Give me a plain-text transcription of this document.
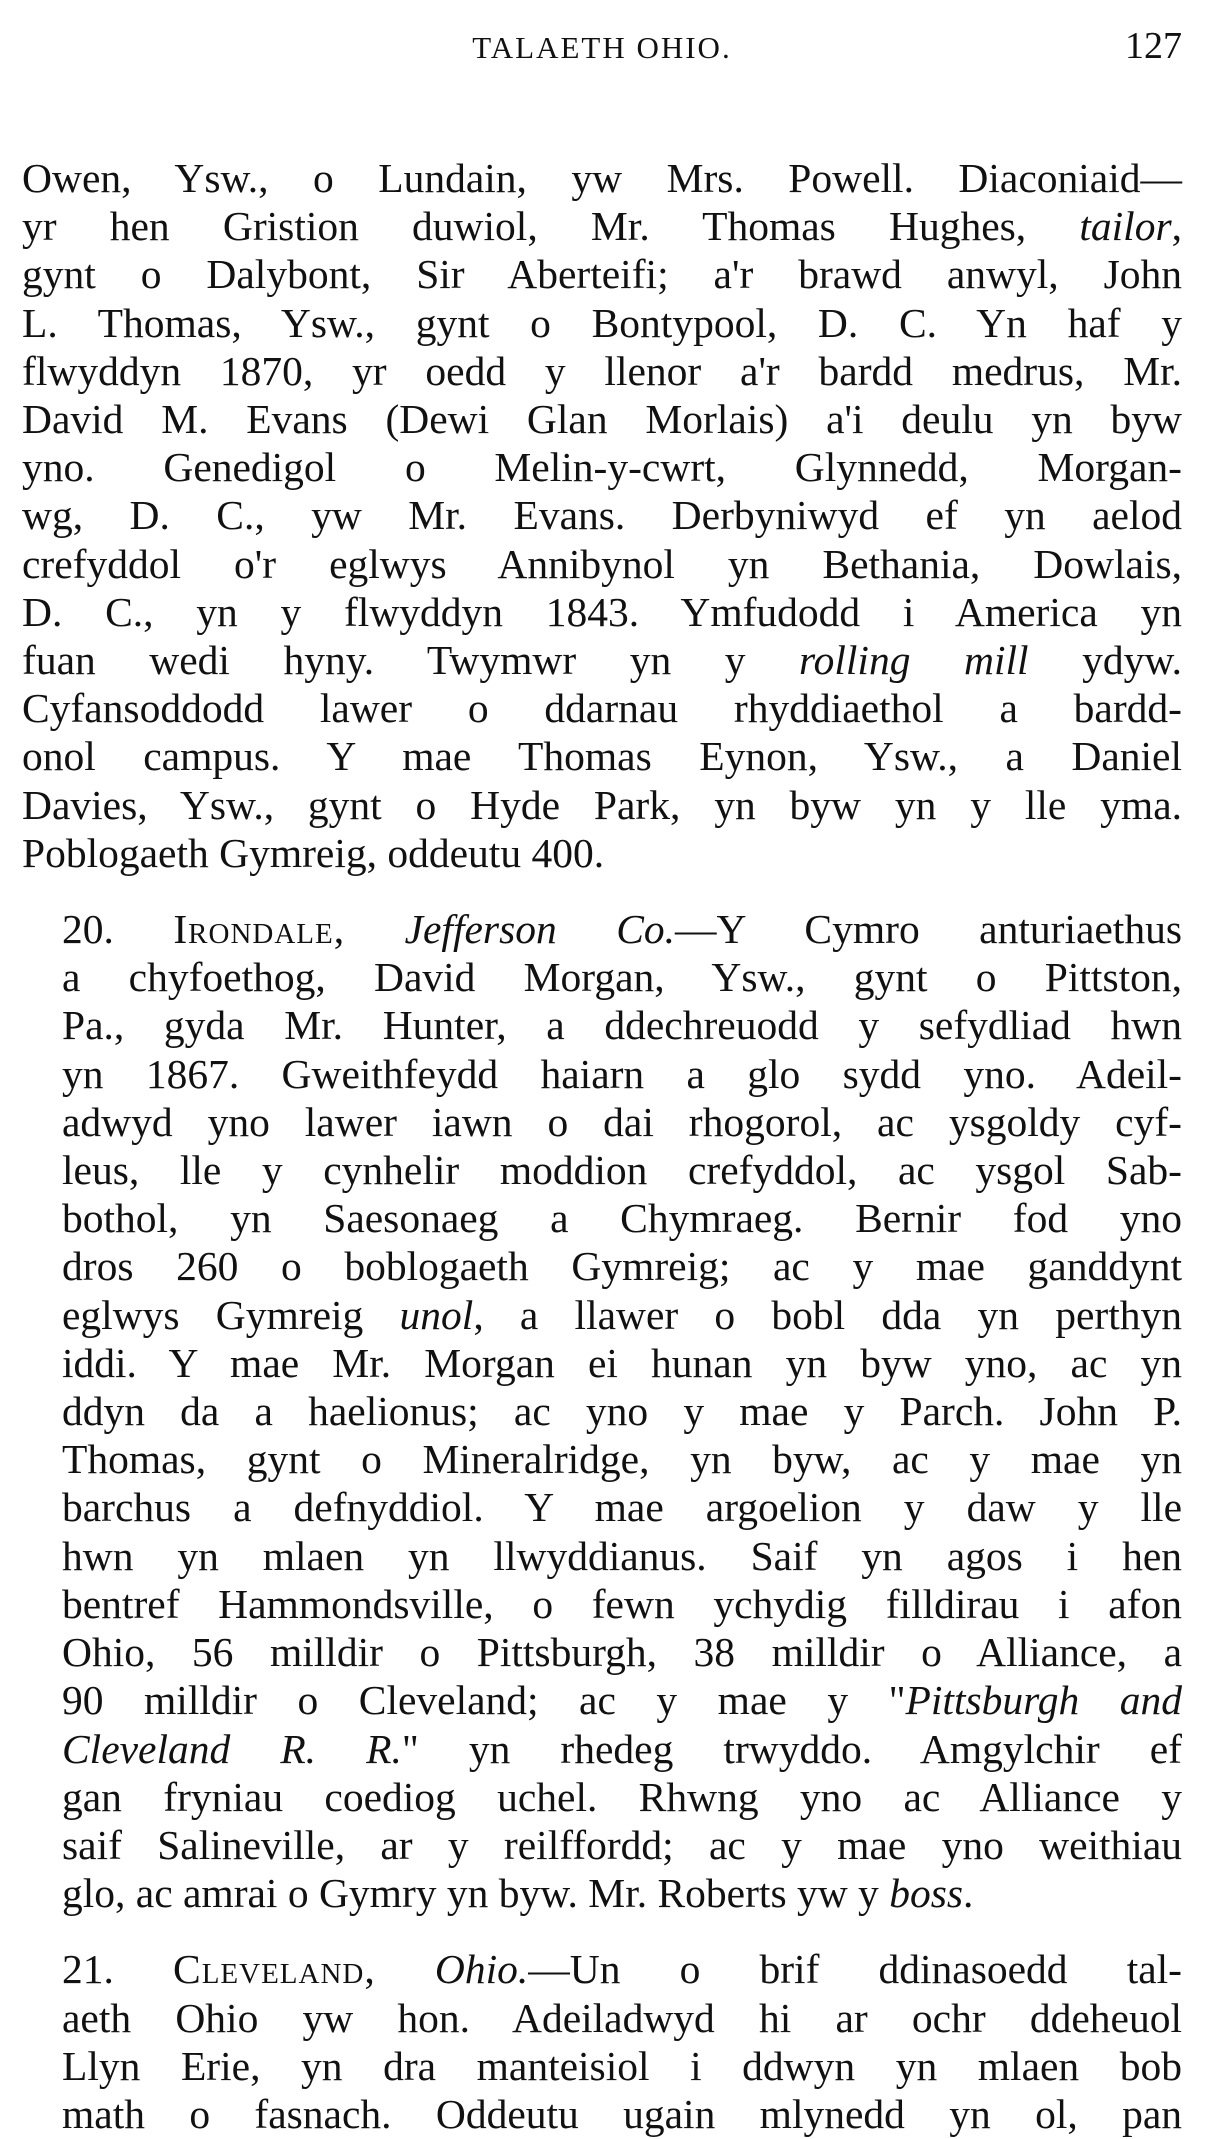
TALAETH OHIO.	127

Owen, Ysw., o Lundain, yw Mrs. Powell. Diaconiaid—
yr hen Gristion duwiol, Mr. Thomas Hughes, tailor,
gynt o Dalybont, Sir Aberteifi; a'r brawd anwyl, John
L. Thomas, Ysw., gynt o Bontypool, D. C. Yn haf y
flwyddyn 1870, yr oedd y llenor a'r bardd medrus, Mr.
David M. Evans (Dewi Glan Morlais) a'i deulu yn byw
yno. Genedigol o Melin-y-cwrt, Glynnedd, Morgan-
wg, D. C., yw Mr. Evans. Derbyniwyd ef yn aelod
crefyddol o'r eglwys Annibynol yn Bethania, Dowlais,
D. C., yn y flwyddyn 1843. Ymfudodd i America yn
fuan wedi hyny. Twymwr yn y rolling mill ydyw.
Cyfansoddodd lawer o ddarnau rhyddiaethol a bardd-
onol campus. Y mae Thomas Eynon, Ysw., a Daniel
Davies, Ysw., gynt o Hyde Park, yn byw yn y lle yma.
Poblogaeth Gymreig, oddeutu 400.

20. Irondale, Jefferson Co.—Y Cymro anturiaethus
a chyfoethog, David Morgan, Ysw., gynt o Pittston,
Pa., gyda Mr. Hunter, a ddechreuodd y sefydliad hwn
yn 1867. Gweithfeydd haiarn a glo sydd yno. Adeil-
adwyd yno lawer iawn o dai rhogorol, ac ysgoldy cyf-
leus, lle y cynhelir moddion crefyddol, ac ysgol Sab-
bothol, yn Saesonaeg a Chymraeg. Bernir fod yno
dros 260 o boblogaeth Gymreig; ac y mae ganddynt
eglwys Gymreig unol, a llawer o bobl dda yn perthyn
iddi. Y mae Mr. Morgan ei hunan yn byw yno, ac yn
ddyn da a haelionus; ac yno y mae y Parch. John P.
Thomas, gynt o Mineralridge, yn byw, ac y mae yn
barchus a defnyddiol. Y mae argoelion y daw y lle
hwn yn mlaen yn llwyddianus. Saif yn agos i hen
bentref Hammondsville, o fewn ychydig filldirau i afon
Ohio, 56 milldir o Pittsburgh, 38 milldir o Alliance, a
90 milldir o Cleveland; ac y mae y "Pittsburgh and
Cleveland R. R." yn rhedeg trwyddo. Amgylchir ef
gan fryniau coediog uchel. Rhwng yno ac Alliance y
saif Salineville, ar y reilffordd; ac y mae yno weithiau
glo, ac amrai o Gymry yn byw. Mr. Roberts yw y boss.

21. Cleveland, Ohio.—Un o brif ddinasoedd tal-
aeth Ohio yw hon. Adeiladwyd hi ar ochr ddeheuol
Llyn Erie, yn dra manteisiol i ddwyn yn mlaen bob
math o fasnach. Oddeutu ugain mlynedd yn ol, pan
